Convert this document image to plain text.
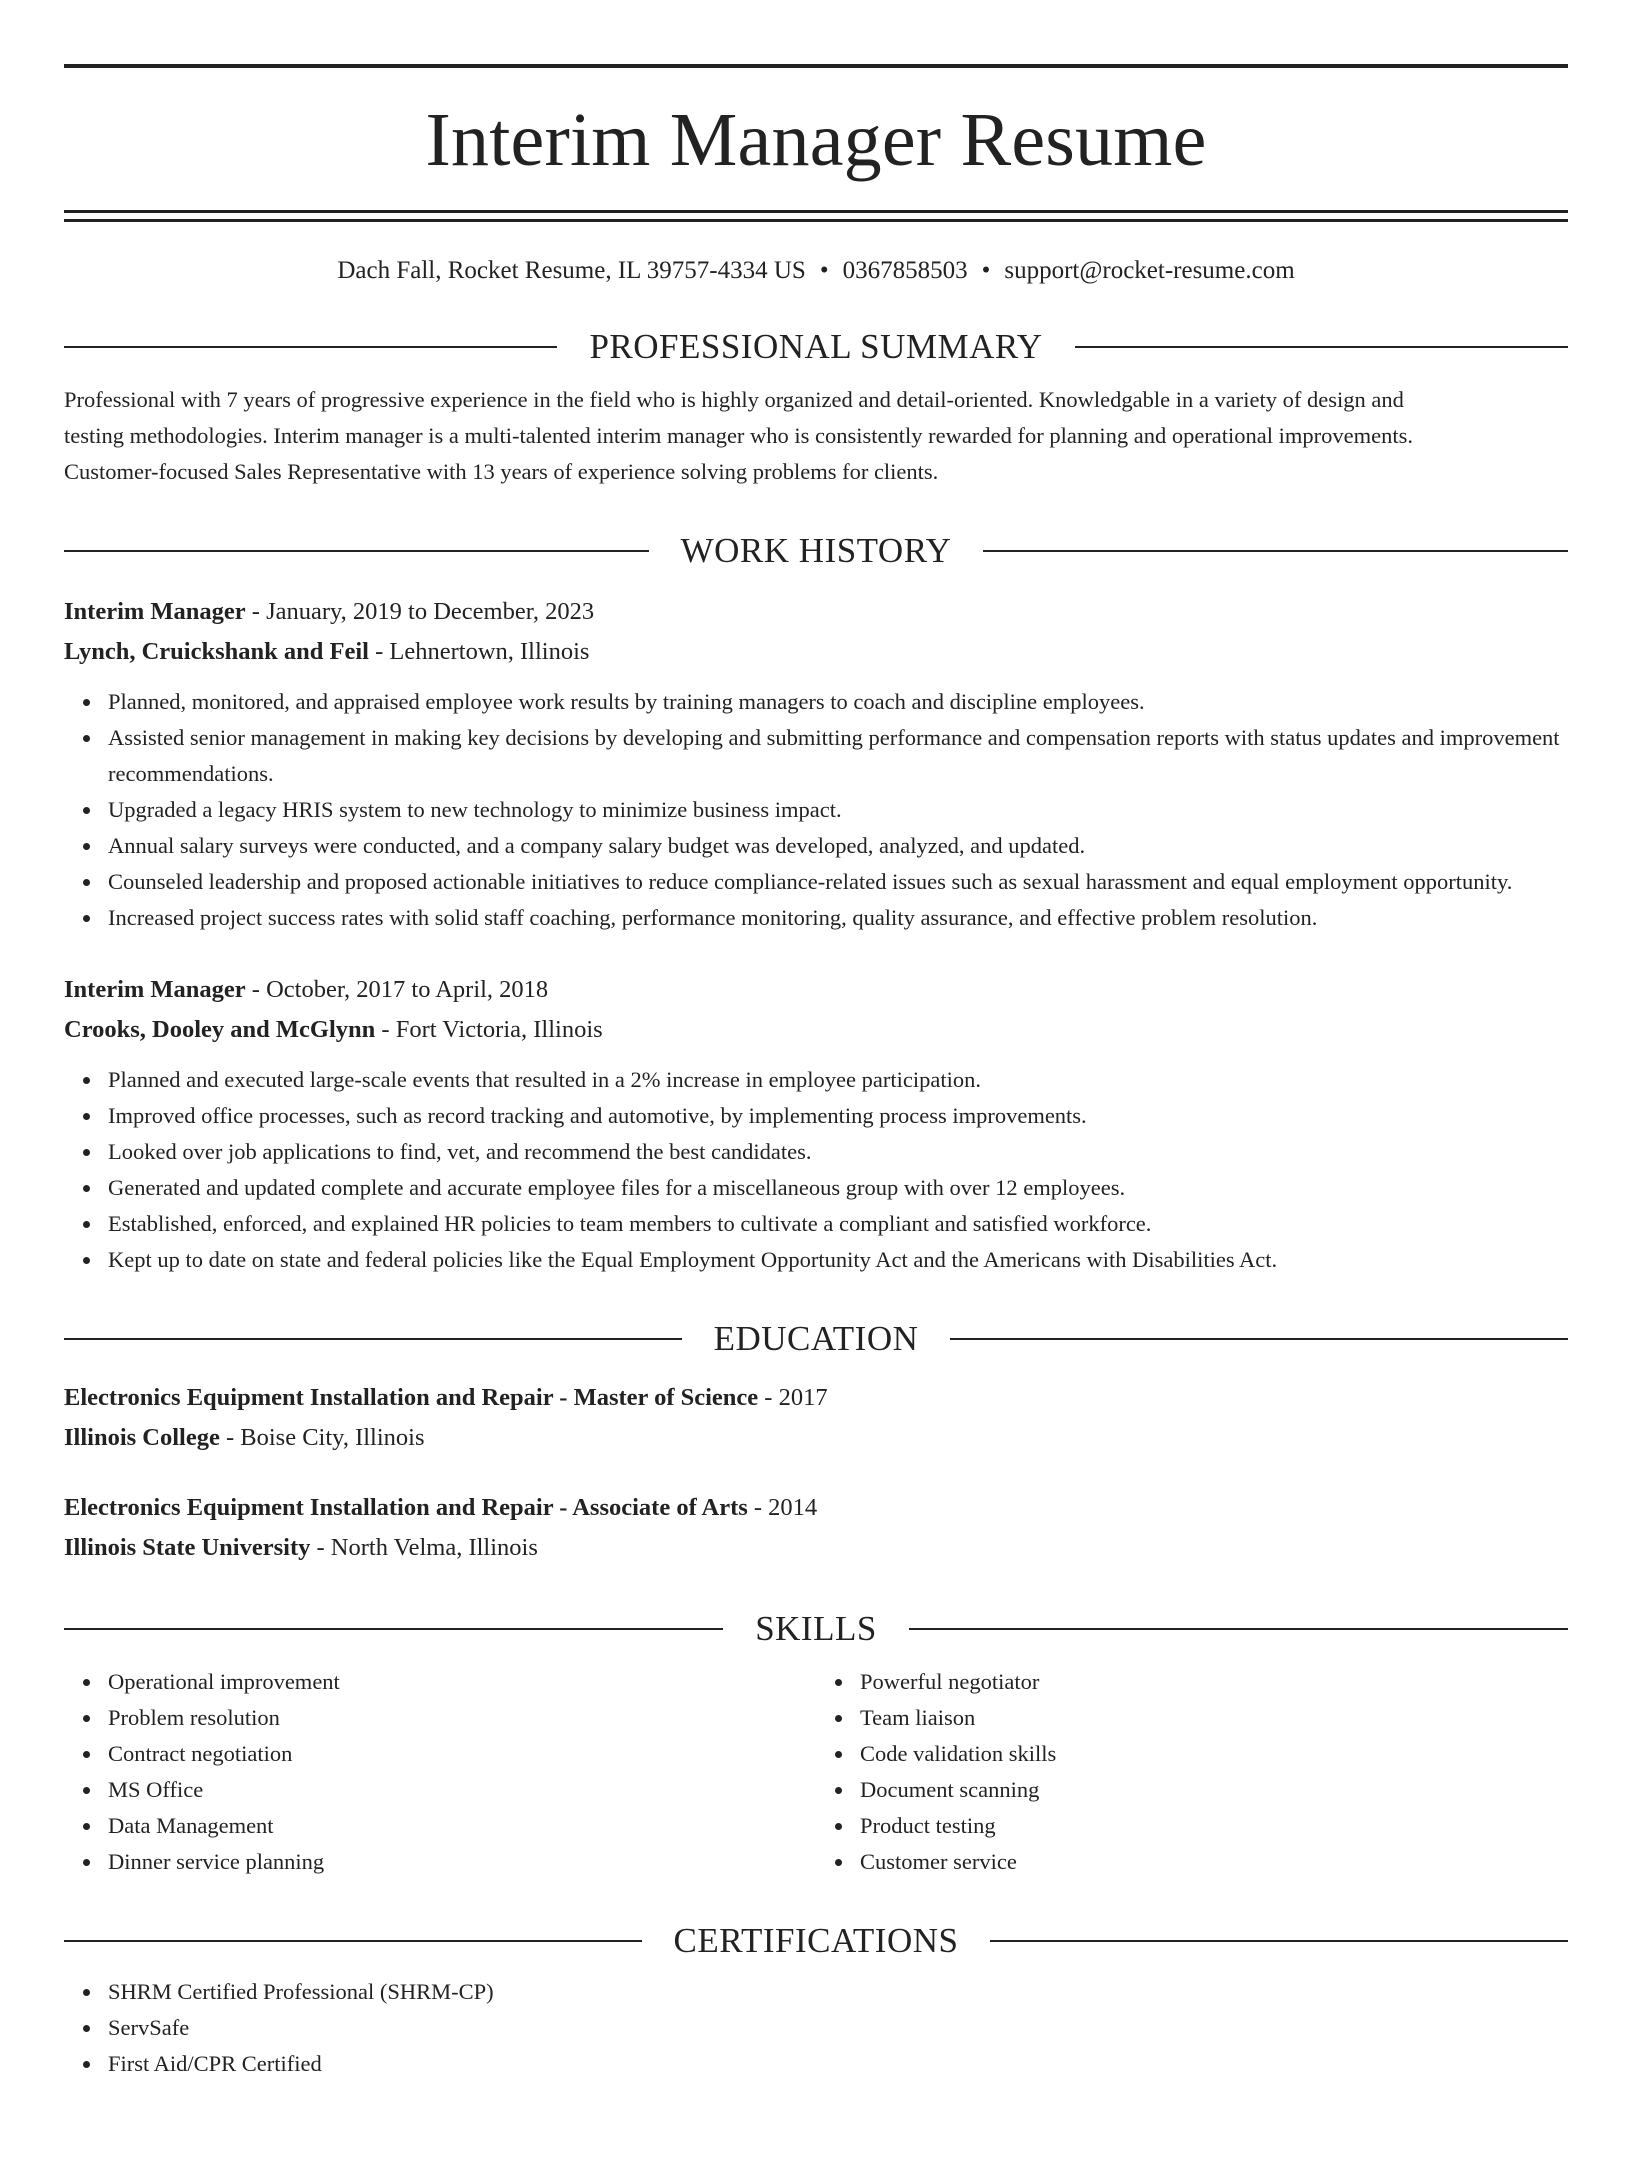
Interim Manager Resume
Dach Fall, Rocket Resume, IL 39757-4334 US • 0367858503 • support@rocket-resume.com
PROFESSIONAL SUMMARY
Professional with 7 years of progressive experience in the field who is highly organized and detail-oriented. Knowledgable in a variety of design and
testing methodologies. Interim manager is a multi-talented interim manager who is consistently rewarded for planning and operational improvements.
Customer-focused Sales Representative with 13 years of experience solving problems for clients.
WORK HISTORY
Interim Manager - January, 2019 to December, 2023
Lynch, Cruickshank and Feil - Lehnertown, Illinois
Planned, monitored, and appraised employee work results by training managers to coach and discipline employees.
Assisted senior management in making key decisions by developing and submitting performance and compensation reports with status updates and improvement recommendations.
Upgraded a legacy HRIS system to new technology to minimize business impact.
Annual salary surveys were conducted, and a company salary budget was developed, analyzed, and updated.
Counseled leadership and proposed actionable initiatives to reduce compliance-related issues such as sexual harassment and equal employment opportunity.
Increased project success rates with solid staff coaching, performance monitoring, quality assurance, and effective problem resolution.
Interim Manager - October, 2017 to April, 2018
Crooks, Dooley and McGlynn - Fort Victoria, Illinois
Planned and executed large-scale events that resulted in a 2% increase in employee participation.
Improved office processes, such as record tracking and automotive, by implementing process improvements.
Looked over job applications to find, vet, and recommend the best candidates.
Generated and updated complete and accurate employee files for a miscellaneous group with over 12 employees.
Established, enforced, and explained HR policies to team members to cultivate a compliant and satisfied workforce.
Kept up to date on state and federal policies like the Equal Employment Opportunity Act and the Americans with Disabilities Act.
EDUCATION
Electronics Equipment Installation and Repair - Master of Science - 2017
Illinois College - Boise City, Illinois
Electronics Equipment Installation and Repair - Associate of Arts - 2014
Illinois State University - North Velma, Illinois
SKILLS
Operational improvement
Problem resolution
Contract negotiation
MS Office
Data Management
Dinner service planning
Powerful negotiator
Team liaison
Code validation skills
Document scanning
Product testing
Customer service
CERTIFICATIONS
SHRM Certified Professional (SHRM-CP)
ServSafe
First Aid/CPR Certified
